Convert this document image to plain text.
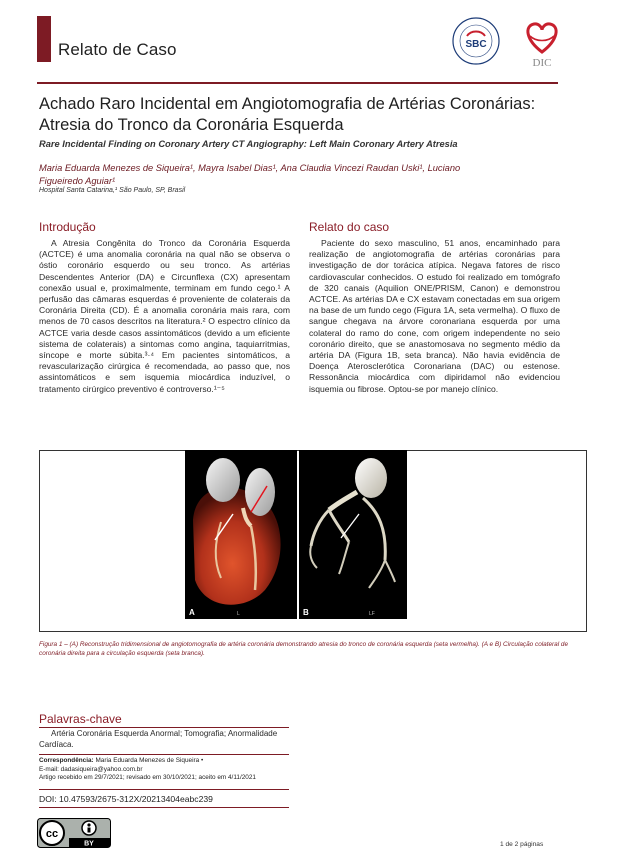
Relato de Caso	SBC
DIC
Achado Raro Incidental em Angiotomografia de Artérias Coronárias: Atresia do Tronco da Coronária Esquerda
Rare Incidental Finding on Coronary Artery CT Angiography: Left Main Coronary Artery Atresia
Maria Eduarda Menezes de Siqueira¹, Mayra Isabel Dias¹, Ana Claudia Vincezi Raudan Uski¹, Luciano Figueiredo Aguiar¹
Hospital Santa Catarina,¹ São Paulo, SP, Brasil
Introdução

A Atresia Congênita do Tronco da Coronária Esquerda (ACTCE) é uma anomalia coronária na qual não se observa o óstio coronário esquerdo ou seu tronco. As artérias Descendentes Anterior (DA) e Circunflexa (CX) apresentam conexão usual e, proximalmente, terminam em fundo cego.¹ A perfusão das câmaras esquerdas é proveniente de colaterais da Coronária Direita (CD). É a anomalia coronária mais rara, com menos de 70 casos descritos na literatura.² O espectro clínico da ACTCE varia desde casos assintomáticos (devido a um eficiente sistema de colaterais) a sintomas como angina, taquiarritmias, síncope e morte súbita.³·⁴ Em pacientes sintomáticos, a revascularização cirúrgica é recomendada, ao passo que, nos assintomáticos e sem isquemia miocárdica induzível, o tratamento cirúrgico preventivo é controverso.¹⁻⁵

Relato do caso

Paciente do sexo masculino, 51 anos, encaminhado para realização de angiotomografia de artérias coronárias para investigação de dor torácica atípica. Negava fatores de risco cardiovascular conhecidos. O estudo foi realizado em tomógrafo de 320 canais (Aquilion ONE/PRISM, Canon) e demonstrou ACTCE. As artérias DA e CX estavam conectadas em sua origem na base de um fundo cego (Figura 1A, seta vermelha). O fluxo de sangue chegava na árvore coronariana esquerda por uma colateral do ramo do cone, com origem independente no seio coronário direito, que se anastomosava no segmento médio da artéria DA (Figura 1B, seta branca). Não havia evidência de Doença Aterosclerótica Coronariana (DAC) ou estenose. Ressonância miocárdica com dipiridamol não evidenciou isquemia ou fibrose. Optou-se por manejo clínico.

A	L	B	LF
Figura 1 – (A) Reconstrução tridimensional de angiotomografia de artéria coronária demonstrando atresia do tronco de coronária esquerda (seta vermelha). (A e B) Circulação colateral de coronária direita para a circulação esquerda (seta branca).
Palavras-chave
Artéria Coronária Esquerda Anormal; Tomografia; Anormalidade Cardíaca.
Correspondência: Maria Eduarda Menezes de Siqueira •
E-mail: dadasiqueira@yahoo.com.br
Artigo recebido em 29/7/2021; revisado em 30/10/2021; aceito em 4/11/2021
DOI: 10.47593/2675-312X/20213404eabc239
cc
BY	1 de 2 páginas
